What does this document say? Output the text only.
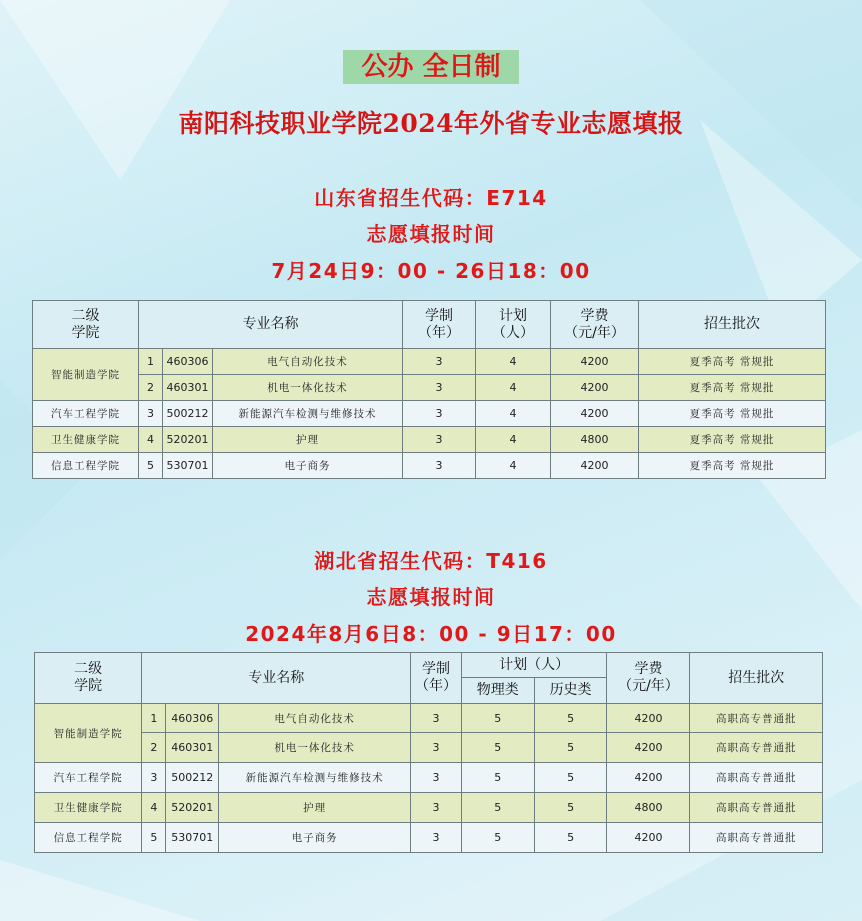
公办 全日制
南阳科技职业学院2024年外省专业志愿填报
山东省招生代码：E714
志愿填报时间
7月24日9：00 - 26日18：00
二级
学院	专业名称			学制
（年）	计划
（人）	学费
（元/年）	招生批次
智能制造学院	1	460306	电气自动化技术	3	4	4200	夏季高考 常规批
	2	460301	机电一体化技术	3	4	4200	夏季高考 常规批
汽车工程学院	3	500212	新能源汽车检测与维修技术	3	4	4200	夏季高考 常规批
卫生健康学院	4	520201	护理	3	4	4800	夏季高考 常规批
信息工程学院	5	530701	电子商务	3	4	4200	夏季高考 常规批
湖北省招生代码：T416
志愿填报时间
2024年8月6日8：00 - 9日17：00
二级
学院	专业名称			学制
（年）	计划（人）		学费
（元/年）	招生批次
					物理类	历史类		
智能制造学院	1	460306	电气自动化技术	3	5	5	4200	高职高专普通批
	2	460301	机电一体化技术	3	5	5	4200	高职高专普通批
汽车工程学院	3	500212	新能源汽车检测与维修技术	3	5	5	4200	高职高专普通批
卫生健康学院	4	520201	护理	3	5	5	4800	高职高专普通批
信息工程学院	5	530701	电子商务	3	5	5	4200	高职高专普通批
